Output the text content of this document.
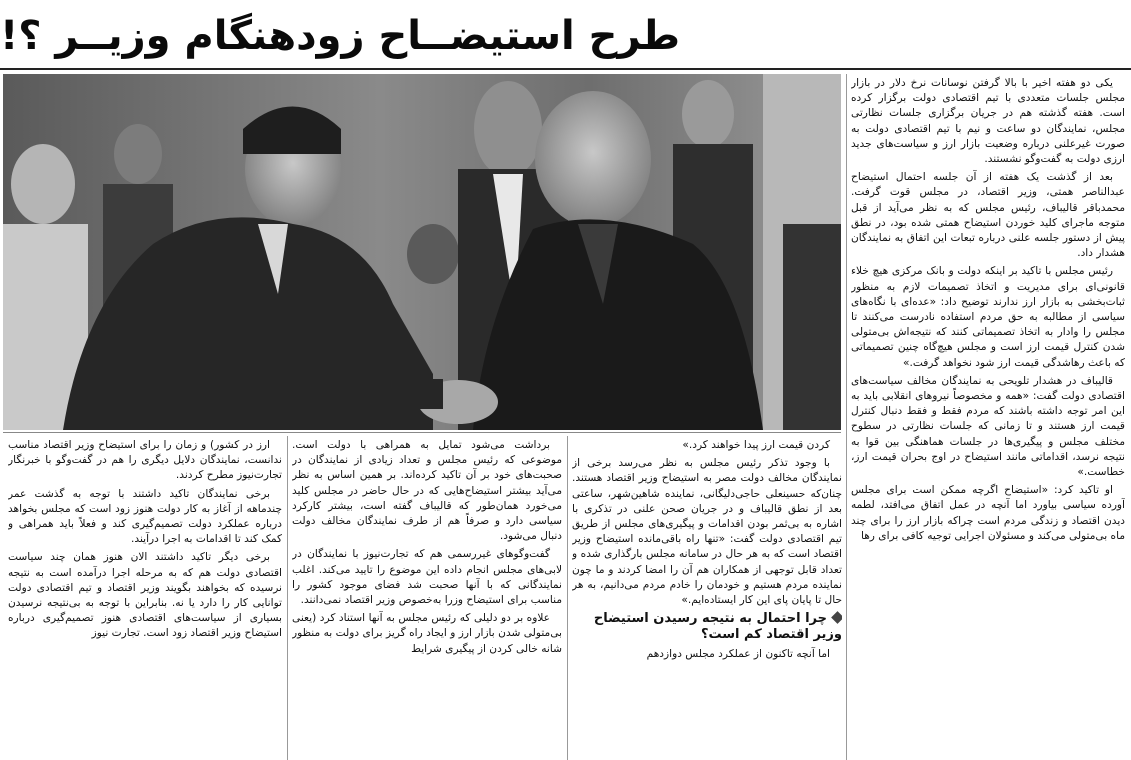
طرح استیضــاح زودهنگام وزیــر ؟!

یکی دو هفته اخیر با بالا گرفتن نوسانات نرخ دلار در بازار مجلس جلسات متعددی با تیم اقتصادی دولت برگزار کرده است. هفته گذشته هم در جریان برگزاری جلسات نظارتی مجلس، نمایندگان دو ساعت و نیم با تیم اقتصادی دولت به صورت غیرعلنی درباره وضعیت بازار ارز و سیاست‌های جدید ارزی دولت به گفت‌وگو نشستند.

بعد از گذشت یک هفته از آن جلسه احتمال استیضاح عبدالناصر همتی، وزیر اقتصاد، در مجلس قوت گرفت. محمدباقر قالیباف، رئیس مجلس که به نظر می‌آید از قبل متوجه ماجرای کلید خوردن استیضاح همتی شده بود، در نطق پیش از دستور جلسه علنی درباره تبعات این اتفاق به نمایندگان هشدار داد.

رئیس مجلس با تاکید بر اینکه دولت و بانک مرکزی هیچ خلاء قانونی‌ای برای مدیریت و اتخاذ تصمیمات لازم به منظور ثبات‌بخشی به بازار ارز ندارند توضیح داد: «عده‌ای با نگاه‌های سیاسی از مطالبه به حق مردم استفاده نادرست می‌کنند تا مجلس را وادار به اتخاذ تصمیماتی کنند که نتیجه‌اش بی‌متولی شدن کنترل قیمت ارز است و مجلس هیچ‌گاه چنین تصمیماتی که باعث رهاشدگی قیمت ارز شود نخواهد گرفت.»

قالیباف در هشدار تلویحی به نمایندگان مخالف سیاست‌های اقتصادی دولت گفت: «همه و مخصوصاً نیروهای انقلابی باید به این امر توجه داشته باشند که مردم فقط و فقط دنبال کنترل قیمت ارز هستند و تا زمانی که جلسات نظارتی در سطوح مختلف مجلس و پیگیری‌ها در جلسات هماهنگی بین قوا به نتیجه نرسد، اقداماتی مانند استیضاح در اوج بحران قیمت ارز، خطاست.»

او تاکید کرد: «استیضاح اگرچه ممکن است برای مجلس آورده سیاسی بیاورد اما آنچه در عمل اتفاق می‌افتد، لطمه دیدن اقتصاد و زندگی مردم است چراکه بازار ارز را برای چند ماه بی‌متولی می‌کند و مسئولان اجرایی توجیه کافی برای رها

کردن قیمت ارز پیدا خواهند کرد.»

با وجود تذکر رئیس مجلس به نظر می‌رسد برخی از نمایندگان مخالف دولت مصر به استیضاح وزیر اقتصاد هستند. چنان‌که حسینعلی حاجی‌دلیگانی، نماینده شاهین‌شهر، ساعتی بعد از نطق قالیباف و در جریان صحن علنی در تذکری با اشاره به بی‌ثمر بودن اقدامات و پیگیری‌های مجلس از طریق تیم اقتصادی دولت گفت: «تنها راه باقی‌مانده استیضاح وزیر اقتصاد است که به هر حال در سامانه مجلس بارگذاری شده و تعداد قابل توجهی از همکاران هم آن را امضا کردند و ما چون نماینده مردم هستیم و خودمان را خادم مردم می‌دانیم، به هر حال تا پایان پای این کار ایستاده‌ایم.»

چرا احتمال به نتیجه رسیدن استیضاح وزیر اقتصاد کم است؟

اما آنچه تاکنون از عملکرد مجلس دوازدهم

برداشت می‌شود تمایل به همراهی با دولت است. موضوعی که رئیس مجلس و تعداد زیادی از نمایندگان در صحبت‌های خود بر آن تاکید کرده‌اند. بر همین اساس به نظر می‌آید بیشتر استیضاح‌هایی که در حال حاضر در مجلس کلید می‌خورد همان‌طور که قالیباف گفته است، بیشتر کارکرد سیاسی دارد و صرفاً هم از طرف نمایندگان مخالف دولت دنبال می‌شود.

گفت‌وگوهای غیررسمی هم که تجارت‌نیوز با نمایندگان در لابی‌های مجلس انجام داده این موضوع را تایید می‌کند. اغلب نمایندگانی که با آنها صحبت شد فضای موجود کشور را مناسب برای استیضاح وزرا به‌خصوص وزیر اقتصاد نمی‌دانند.

علاوه بر دو دلیلی که رئیس مجلس به آنها استناد کرد (یعنی بی‌متولی شدن بازار ارز و ایجاد راه گریز برای دولت به منظور شانه خالی کردن از پیگیری شرایط

ارز در کشور) و زمان را برای استیضاح وزیر اقتصاد مناسب ندانست، نمایندگان دلایل دیگری را هم در گفت‌وگو با خبرنگار تجارت‌نیوز مطرح کردند.

برخی نمایندگان تاکید داشتند با توجه به گذشت عمر چندماهه از آغاز به کار دولت هنوز زود است که مجلس بخواهد درباره عملکرد دولت تصمیم‌گیری کند و فعلاً باید همراهی و کمک کند تا اقدامات به اجرا درآیند.

برخی دیگر تاکید داشتند الان هنوز همان چند سیاست اقتصادی دولت هم که به مرحله اجرا درآمده است به نتیجه نرسیده که بخواهند بگویند وزیر اقتصاد و تیم اقتصادی دولت توانایی کار را دارد یا نه. بنابراین با توجه به بی‌نتیجه نرسیدن بسیاری از سیاست‌های اقتصادی هنوز تصمیم‌گیری درباره استیضاح وزیر اقتصاد زود است. تجارت نیوز
